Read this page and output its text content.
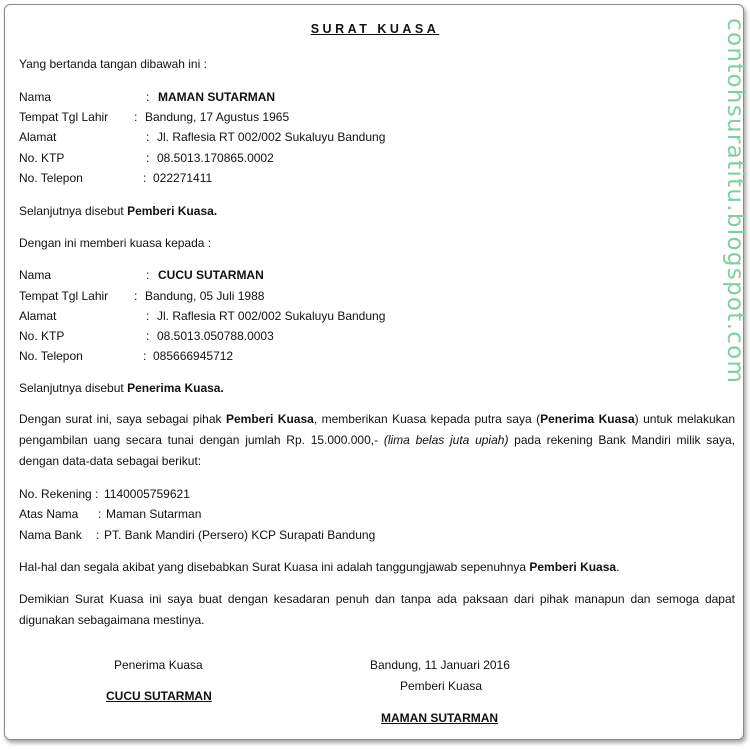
SURAT KUASA
Yang bertanda tangan dibawah ini :
Nama	: MAMAN SUTARMAN
Tempat Tgl Lahir : Bandung, 17 Agustus 1965
Alamat	: Jl. Raflesia RT 002/002 Sukaluyu Bandung
No. KTP	: 08.5013.170865.0002
No. Telepon	: 022271411
Selanjutnya disebut Pemberi Kuasa.
Dengan ini memberi kuasa kepada :
Nama	: CUCU SUTARMAN
Tempat Tgl Lahir : Bandung, 05 Juli 1988
Alamat	: Jl. Raflesia RT 002/002 Sukaluyu Bandung
No. KTP	: 08.5013.050788.0003
No. Telepon	: 085666945712
Selanjutnya disebut Penerima Kuasa.
Dengan surat ini, saya sebagai pihak Pemberi Kuasa, memberikan Kuasa kepada putra saya (Penerima Kuasa) untuk melakukan pengambilan uang secara tunai dengan jumlah Rp. 15.000.000,- (lima belas juta upiah) pada rekening Bank Mandiri milik saya, dengan data-data sebagai berikut:
No. Rekening : 1140005759621
Atas Nama : Maman Sutarman
Nama Bank : PT. Bank Mandiri (Persero) KCP Surapati Bandung
Hal-hal dan segala akibat yang disebabkan Surat Kuasa ini adalah tanggungjawab sepenuhnya Pemberi Kuasa.
Demikian Surat Kuasa ini saya buat dengan kesadaran penuh dan tanpa ada paksaan dari pihak manapun dan semoga dapat digunakan sebagaimana mestinya.
Penerima Kuasa
CUCU SUTARMAN
Bandung, 11 Januari 2016
Pemberi Kuasa
MAMAN SUTARMAN
contohsuratitu.blogspot.com
